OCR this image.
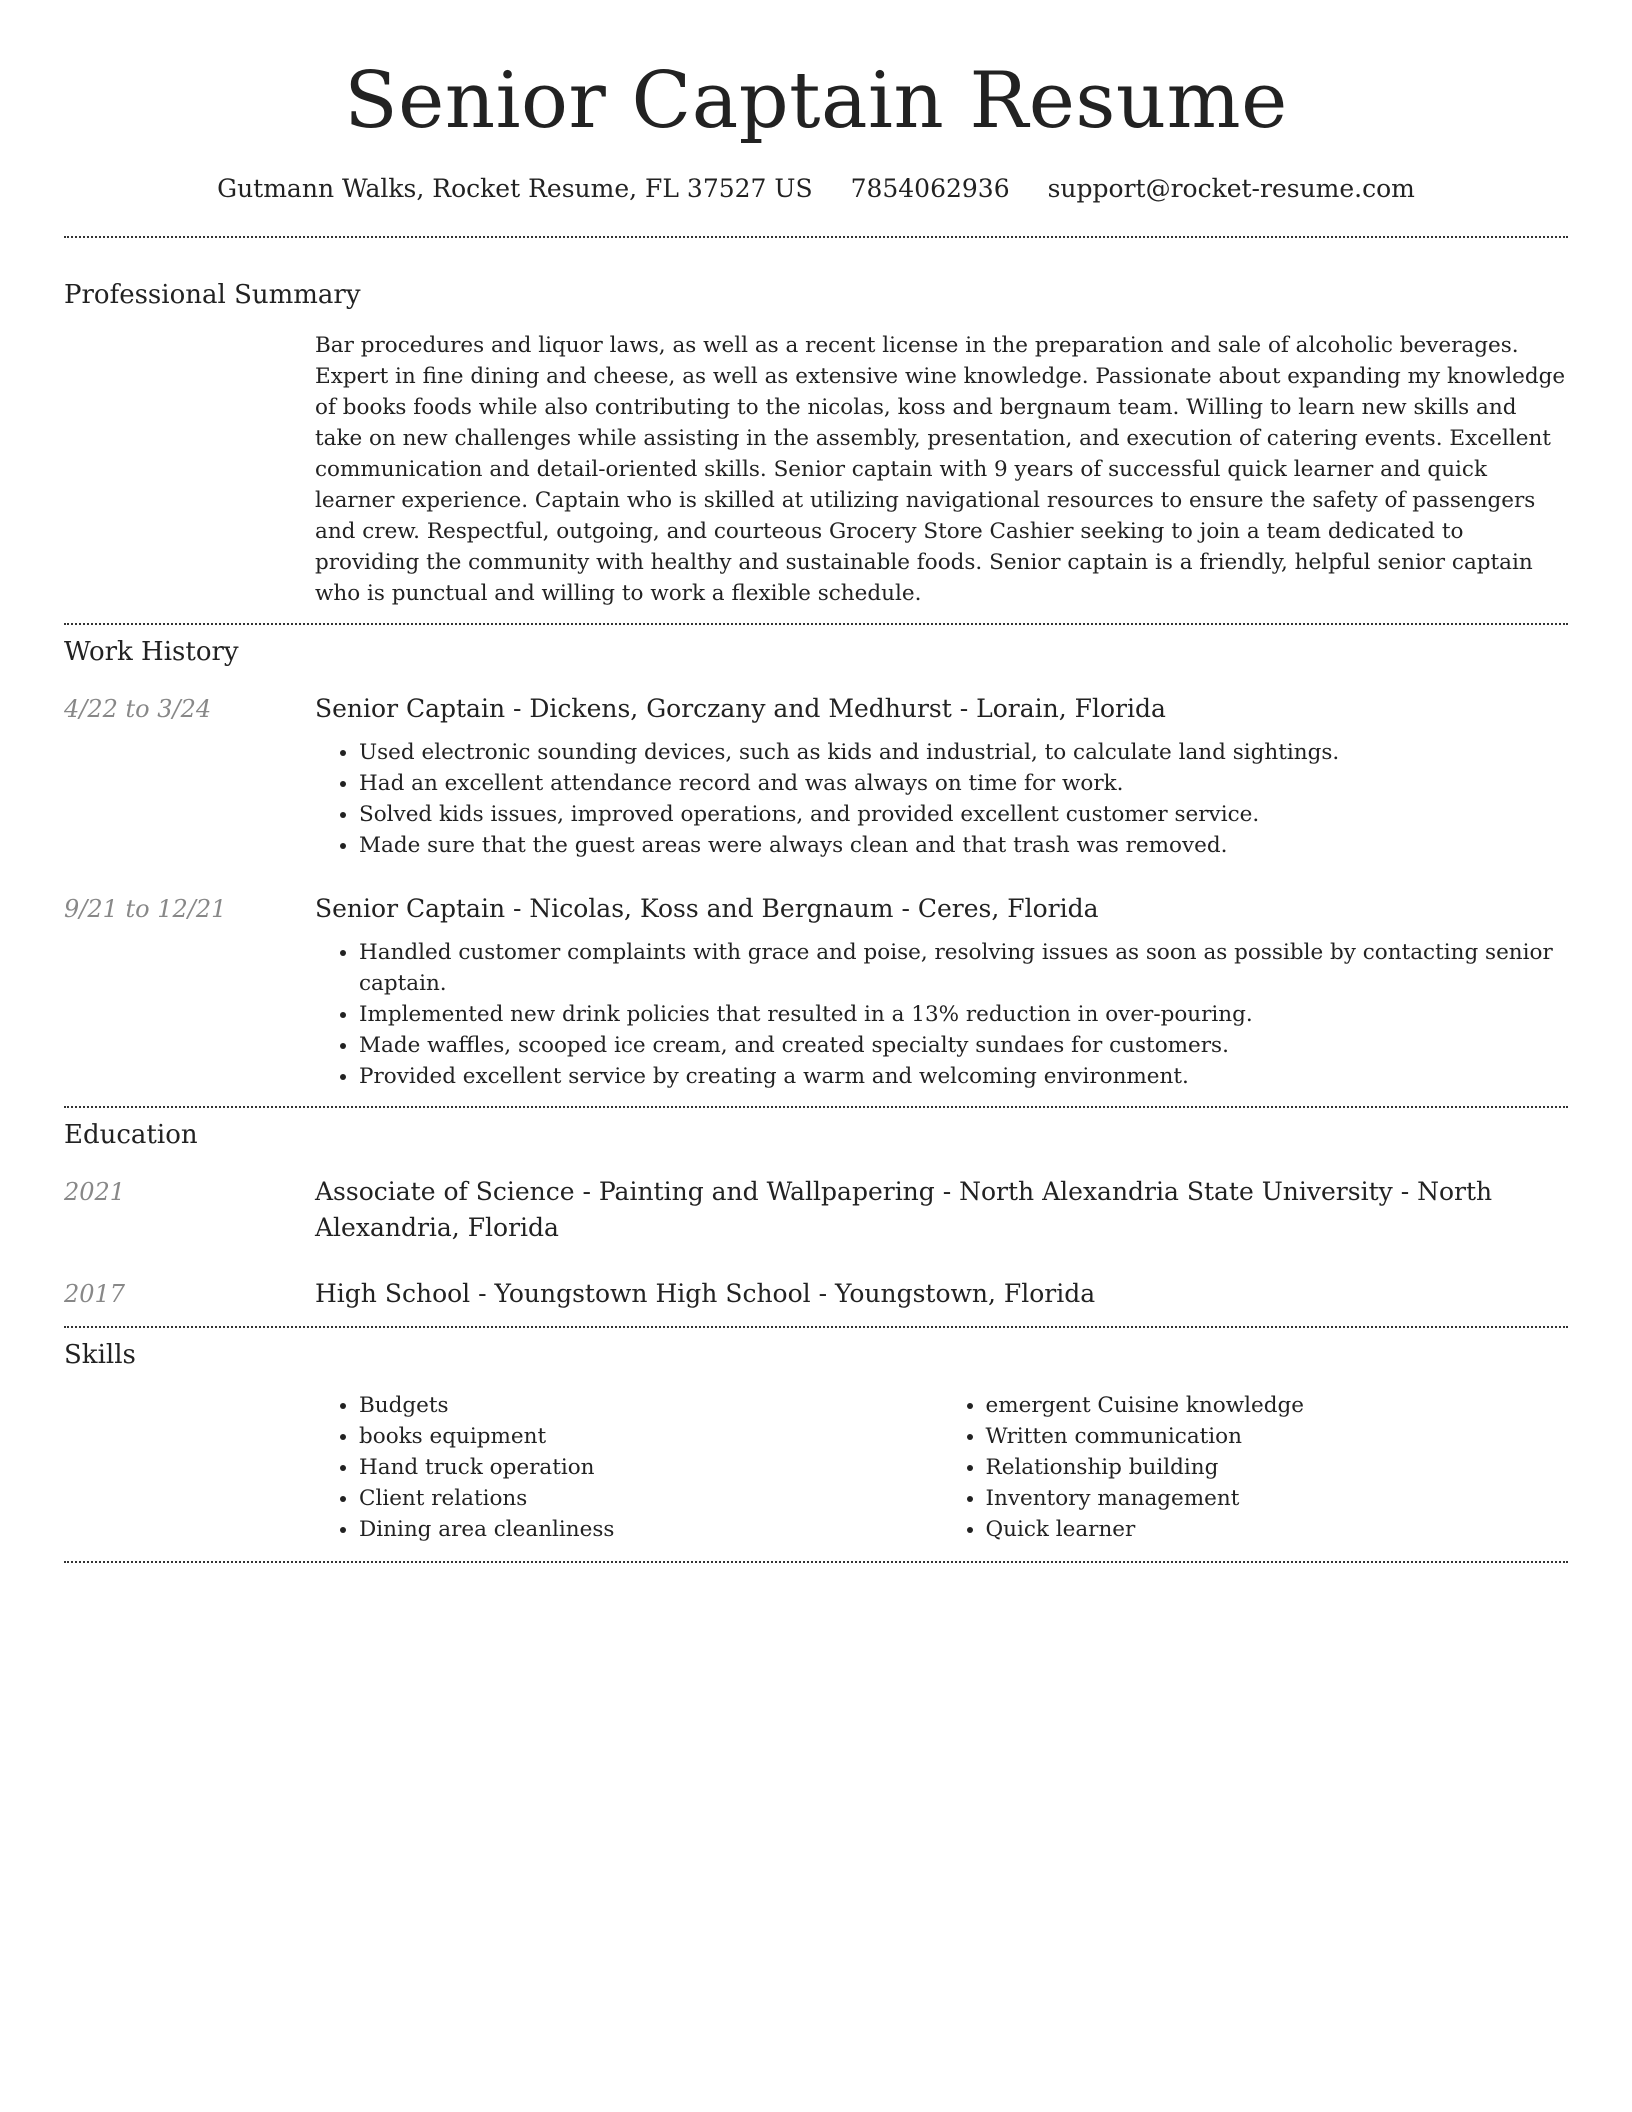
Senior Captain Resume
Gutmann Walks, Rocket Resume, FL 37527 US 7854062936 support@rocket-resume.com
Professional Summary

Bar procedures and liquor laws, as well as a recent license in the preparation and sale of alcoholic beverages. Expert in fine dining and cheese, as well as extensive wine knowledge. Passionate about expanding my knowledge of books foods while also contributing to the nicolas, koss and bergnaum team. Willing to learn new skills and take on new challenges while assisting in the assembly, presentation, and execution of catering events. Excellent communication and detail-oriented skills. Senior captain with 9 years of successful quick learner and quick learner experience. Captain who is skilled at utilizing navigational resources to ensure the safety of passengers and crew. Respectful, outgoing, and courteous Grocery Store Cashier seeking to join a team dedicated to providing the community with healthy and sustainable foods. Senior captain is a friendly, helpful senior captain who is punctual and willing to work a flexible schedule.

Work History
4/22 to 3/24	Senior Captain - Dickens, Gorczany and Medhurst - Lorain, Florida
• Used electronic sounding devices, such as kids and industrial, to calculate land sightings.
• Had an excellent attendance record and was always on time for work.
• Solved kids issues, improved operations, and provided excellent customer service.
• Made sure that the guest areas were always clean and that trash was removed.
9/21 to 12/21	Senior Captain - Nicolas, Koss and Bergnaum - Ceres, Florida
• Handled customer complaints with grace and poise, resolving issues as soon as possible by contacting senior captain.
• Implemented new drink policies that resulted in a 13% reduction in over-pouring.
• Made waffles, scooped ice cream, and created specialty sundaes for customers.
• Provided excellent service by creating a warm and welcoming environment.
Education
2021	Associate of Science - Painting and Wallpapering - North Alexandria State University - North Alexandria, Florida
2017	High School - Youngstown High School - Youngstown, Florida
Skills
• Budgets
• books equipment
• Hand truck operation
• Client relations
• Dining area cleanliness
• emergent Cuisine knowledge
• Written communication
• Relationship building
• Inventory management
• Quick learner
